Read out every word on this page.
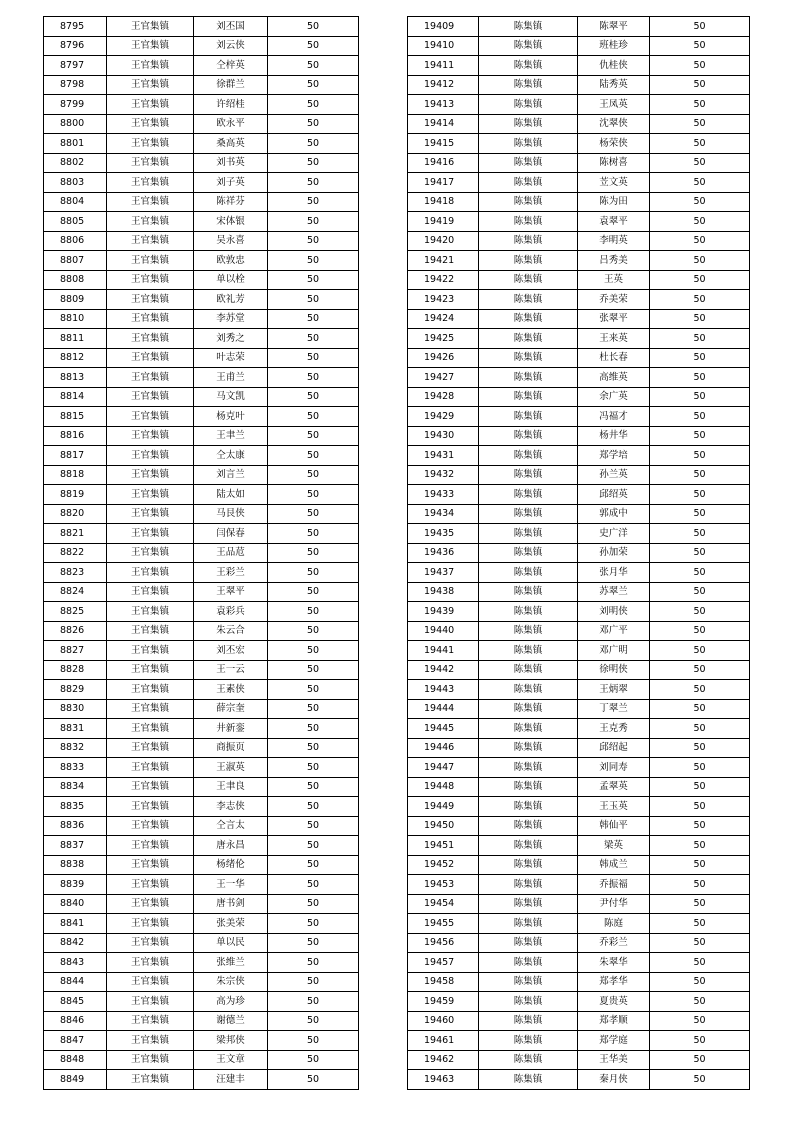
8795	王官集镇	刘丕国	50
8796	王官集镇	刘云侠	50
8797	王官集镇	仝梓英	50
8798	王官集镇	徐群兰	50
8799	王官集镇	许绍桂	50
8800	王官集镇	欧永平	50
8801	王官集镇	桑高英	50
8802	王官集镇	刘书英	50
8803	王官集镇	刘子英	50
8804	王官集镇	陈祥芬	50
8805	王官集镇	宋体银	50
8806	王官集镇	吴永喜	50
8807	王官集镇	欧敦忠	50
8808	王官集镇	单以栓	50
8809	王官集镇	欧礼芳	50
8810	王官集镇	李苏堂	50
8811	王官集镇	刘秀之	50
8812	王官集镇	叶志荣	50
8813	王官集镇	王甫兰	50
8814	王官集镇	马文凯	50
8815	王官集镇	杨克叶	50
8816	王官集镇	王聿兰	50
8817	王官集镇	仝太康	50
8818	王官集镇	刘言兰	50
8819	王官集镇	陆太如	50
8820	王官集镇	马艮侠	50
8821	王官集镇	闫保春	50
8822	王官集镇	王品苊	50
8823	王官集镇	王彩兰	50
8824	王官集镇	王翠平	50
8825	王官集镇	袁彩兵	50
8826	王官集镇	朱云合	50
8827	王官集镇	刘丕宏	50
8828	王官集镇	王一云	50
8829	王官集镇	王素侠	50
8830	王官集镇	薛宗奎	50
8831	王官集镇	井新銮	50
8832	王官集镇	商振页	50
8833	王官集镇	王淑英	50
8834	王官集镇	王聿良	50
8835	王官集镇	李志侠	50
8836	王官集镇	仝言太	50
8837	王官集镇	唐永昌	50
8838	王官集镇	杨绪伦	50
8839	王官集镇	王一华	50
8840	王官集镇	唐书剑	50
8841	王官集镇	张美荣	50
8842	王官集镇	单以民	50
8843	王官集镇	张维兰	50
8844	王官集镇	朱宗侠	50
8845	王官集镇	高为珍	50
8846	王官集镇	谢德兰	50
8847	王官集镇	梁邦侠	50
8848	王官集镇	王文章	50
8849	王官集镇	汪建丰	50
19409	陈集镇	陈翠平	50
19410	陈集镇	班桂珍	50
19411	陈集镇	仇桂侠	50
19412	陈集镇	陆秀英	50
19413	陈集镇	王凤英	50
19414	陈集镇	沈翠侠	50
19415	陈集镇	杨荣侠	50
19416	陈集镇	陈树喜	50
19417	陈集镇	苙文英	50
19418	陈集镇	陈为田	50
19419	陈集镇	袁翠平	50
19420	陈集镇	李明英	50
19421	陈集镇	吕秀美	50
19422	陈集镇	王英	50
19423	陈集镇	乔美荣	50
19424	陈集镇	张翠平	50
19425	陈集镇	王来英	50
19426	陈集镇	杜长春	50
19427	陈集镇	高维英	50
19428	陈集镇	余广英	50
19429	陈集镇	冯福才	50
19430	陈集镇	杨井华	50
19431	陈集镇	郑学培	50
19432	陈集镇	孙兰英	50
19433	陈集镇	邱绍英	50
19434	陈集镇	郭成中	50
19435	陈集镇	史广洋	50
19436	陈集镇	孙加荣	50
19437	陈集镇	张月华	50
19438	陈集镇	苏翠兰	50
19439	陈集镇	刘明侠	50
19440	陈集镇	邓广平	50
19441	陈集镇	邓广明	50
19442	陈集镇	徐明侠	50
19443	陈集镇	王炳翠	50
19444	陈集镇	丁翠兰	50
19445	陈集镇	王克秀	50
19446	陈集镇	邱绍起	50
19447	陈集镇	刘同寿	50
19448	陈集镇	孟翠英	50
19449	陈集镇	王玉英	50
19450	陈集镇	韩仙平	50
19451	陈集镇	梁英	50
19452	陈集镇	韩成兰	50
19453	陈集镇	乔振福	50
19454	陈集镇	尹付华	50
19455	陈集镇	陈庭	50
19456	陈集镇	乔彩兰	50
19457	陈集镇	朱翠华	50
19458	陈集镇	郑孝华	50
19459	陈集镇	夏贵英	50
19460	陈集镇	郑孝顺	50
19461	陈集镇	郑学庭	50
19462	陈集镇	王华美	50
19463	陈集镇	秦月侠	50
